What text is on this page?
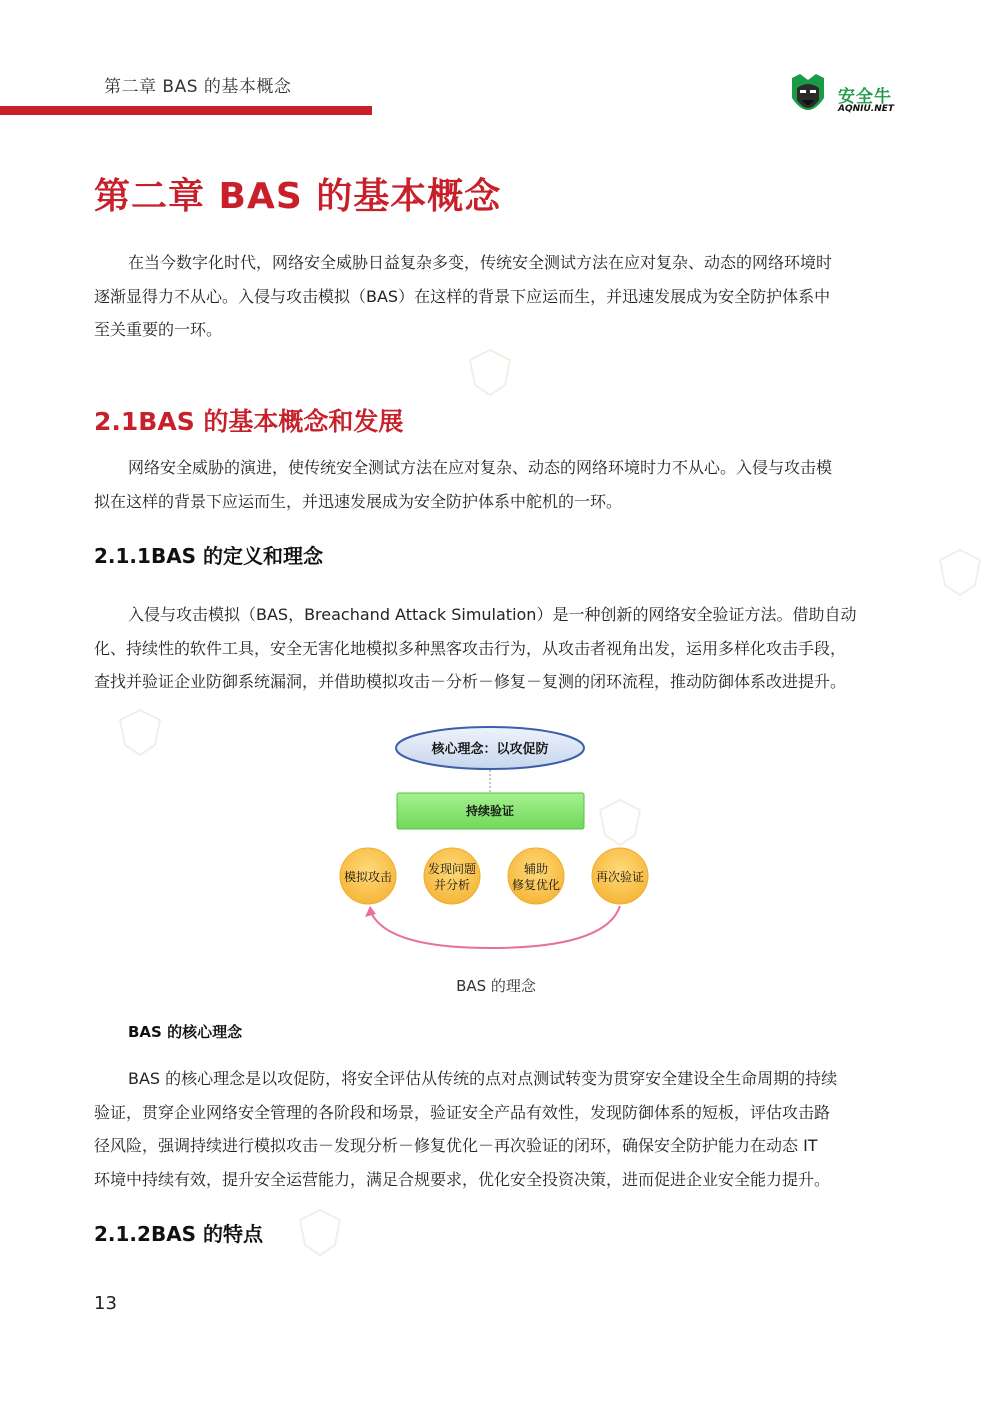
第二章 BAS 的基本概念	安全牛
AQNIU.NET
第二章 BAS 的基本概念
在当今数字化时代，网络安全威胁日益复杂多变，传统安全测试方法在应对复杂、动态的网络环境时
逐渐显得力不从心。入侵与攻击模拟（BAS）在这样的背景下应运而生，并迅速发展成为安全防护体系中
至关重要的一环。
2.1BAS 的基本概念和发展
网络安全威胁的演进，使传统安全测试方法在应对复杂、动态的网络环境时力不从心。入侵与攻击模
拟在这样的背景下应运而生，并迅速发展成为安全防护体系中舵机的一环。
2.1.1BAS 的定义和理念
入侵与攻击模拟（BAS，Breachand Attack Simulation）是一种创新的网络安全验证方法。借助自动
化、持续性的软件工具，安全无害化地模拟多种黑客攻击行为，从攻击者视角出发，运用多样化攻击手段，
查找并验证企业防御系统漏洞，并借助模拟攻击－分析－修复－复测的闭环流程，推动防御体系改进提升。
核心理念：以攻促防
持续验证
模拟攻击
发现问题
并分析
辅助
修复优化
再次验证
BAS 的理念
BAS 的核心理念
BAS 的核心理念是以攻促防，将安全评估从传统的点对点测试转变为贯穿安全建设全生命周期的持续
验证，贯穿企业网络安全管理的各阶段和场景，验证安全产品有效性，发现防御体系的短板，评估攻击路
径风险，强调持续进行模拟攻击－发现分析－修复优化－再次验证的闭环，确保安全防护能力在动态 IT
环境中持续有效，提升安全运营能力，满足合规要求，优化安全投资决策，进而促进企业安全能力提升。
2.1.2BAS 的特点
13
